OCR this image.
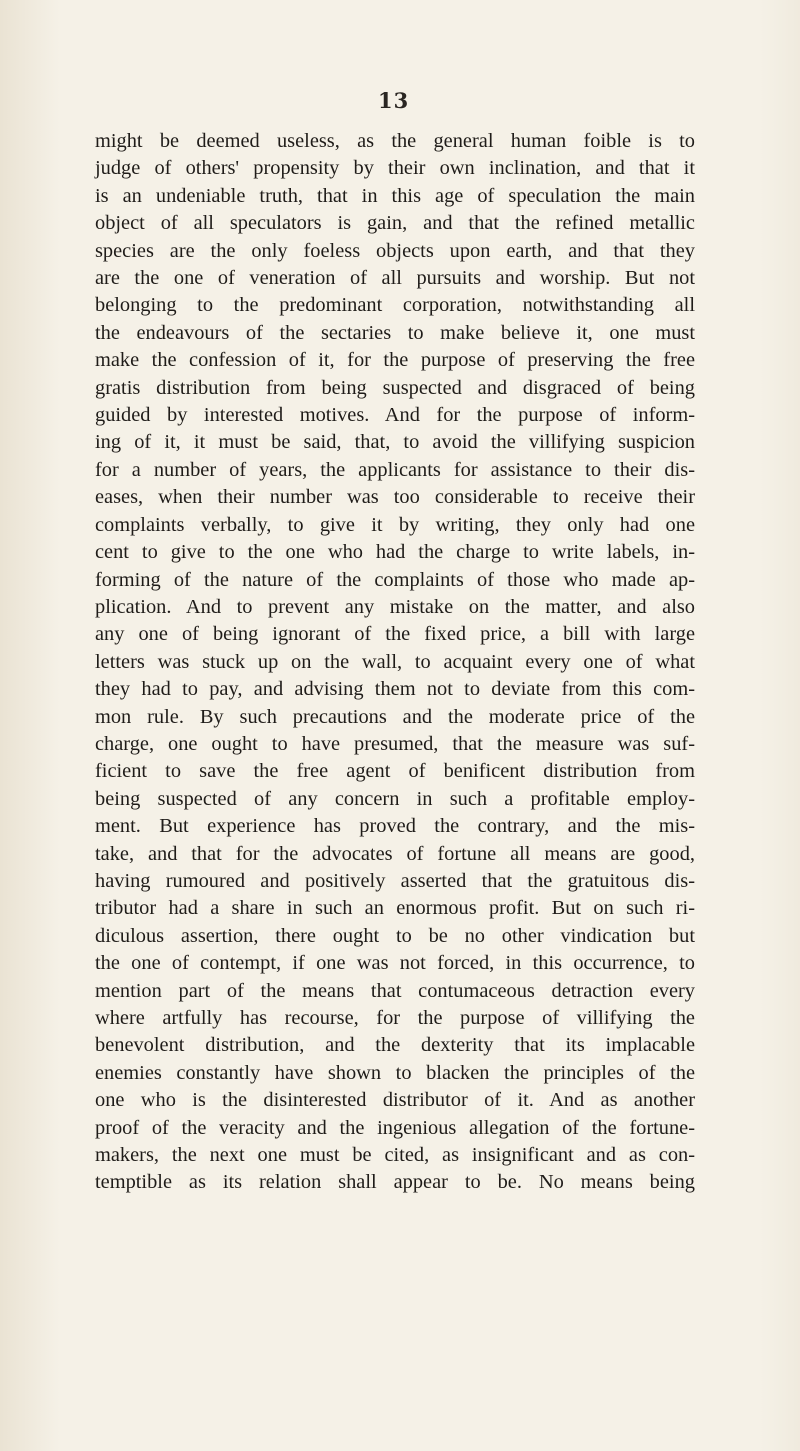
13
might be deemed useless, as the general human foible is to
judge of others' propensity by their own inclination, and that it
is an undeniable truth, that in this age of speculation the main
object of all speculators is gain, and that the refined metallic
species are the only foeless objects upon earth, and that they
are the one of veneration of all pursuits and worship. But not
belonging to the predominant corporation, notwithstanding all
the endeavours of the sectaries to make believe it, one must
make the confession of it, for the purpose of preserving the free
gratis distribution from being suspected and disgraced of being
guided by interested motives. And for the purpose of inform-
ing of it, it must be said, that, to avoid the villifying suspicion
for a number of years, the applicants for assistance to their dis-
eases, when their number was too considerable to receive their
complaints verbally, to give it by writing, they only had one
cent to give to the one who had the charge to write labels, in-
forming of the nature of the complaints of those who made ap-
plication. And to prevent any mistake on the matter, and also
any one of being ignorant of the fixed price, a bill with large
letters was stuck up on the wall, to acquaint every one of what
they had to pay, and advising them not to deviate from this com-
mon rule. By such precautions and the moderate price of the
charge, one ought to have presumed, that the measure was suf-
ficient to save the free agent of benificent distribution from
being suspected of any concern in such a profitable employ-
ment. But experience has proved the contrary, and the mis-
take, and that for the advocates of fortune all means are good,
having rumoured and positively asserted that the gratuitous dis-
tributor had a share in such an enormous profit. But on such ri-
diculous assertion, there ought to be no other vindication but
the one of contempt, if one was not forced, in this occurrence, to
mention part of the means that contumaceous detraction every
where artfully has recourse, for the purpose of villifying the
benevolent distribution, and the dexterity that its implacable
enemies constantly have shown to blacken the principles of the
one who is the disinterested distributor of it. And as another
proof of the veracity and the ingenious allegation of the fortune-
makers, the next one must be cited, as insignificant and as con-
temptible as its relation shall appear to be. No means being
